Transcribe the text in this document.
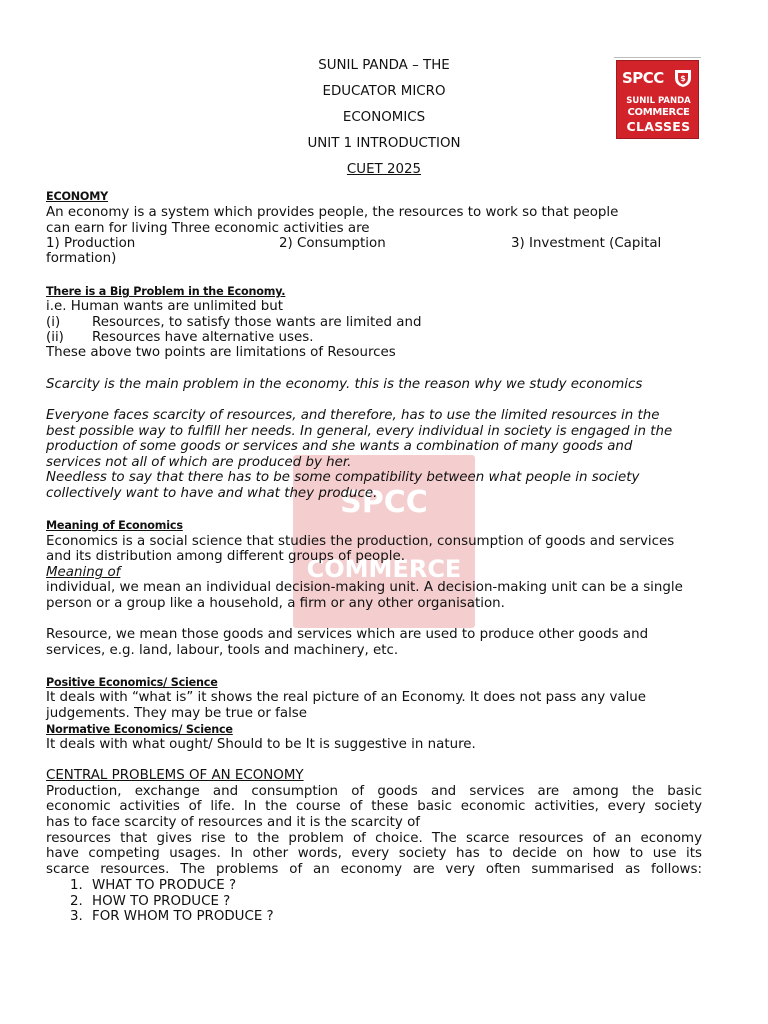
SUNIL PANDA – THE
EDUCATOR MICRO
ECONOMICS
UNIT 1 INTRODUCTION
CUET 2025
SPCC $
SUNIL PANDA
COMMERCE
CLASSES
SPCC
COMMERCE
ECONOMY
An economy is a system which provides people, the resources to work so that people
can earn for living Three economic activities are
1) Production	2) Consumption	3) Investment (Capital
formation)
There is a Big Problem in the Economy.
i.e. Human wants are unlimited but
(i) Resources, to satisfy those wants are limited and
(ii) Resources have alternative uses.
These above two points are limitations of Resources
Scarcity is the main problem in the economy. this is the reason why we study economics
Everyone faces scarcity of resources, and therefore, has to use the limited resources in the
best possible way to fulfill her needs. In general, every individual in society is engaged in the
production of some goods or services and she wants a combination of many goods and
services not all of which are produced by her.
Needless to say that there has to be some compatibility between what people in society
collectively want to have and what they produce.
Meaning of Economics
Economics is a social science that studies the production, consumption of goods and services
and its distribution among different groups of people.
Meaning of
individual, we mean an individual decision-making unit. A decision-making unit can be a single
person or a group like a household, a firm or any other organisation.
Resource, we mean those goods and services which are used to produce other goods and
services, e.g. land, labour, tools and machinery, etc.
Positive Economics/ Science
It deals with “what is” it shows the real picture of an Economy. It does not pass any value
judgements. They may be true or false
Normative Economics/ Science
It deals with what ought/ Should to be It is suggestive in nature.
CENTRAL PROBLEMS OF AN ECONOMY
Production, exchange and consumption of goods and services are among the basic
economic activities of life. In the course of these basic economic activities, every society
has to face scarcity of resources and it is the scarcity of
resources that gives rise to the problem of choice. The scarce resources of an economy
have competing usages. In other words, every society has to decide on how to use its
scarce resources. The problems of an economy are very often summarised as follows:
1. WHAT TO PRODUCE ?
2. HOW TO PRODUCE ?
3. FOR WHOM TO PRODUCE ?
